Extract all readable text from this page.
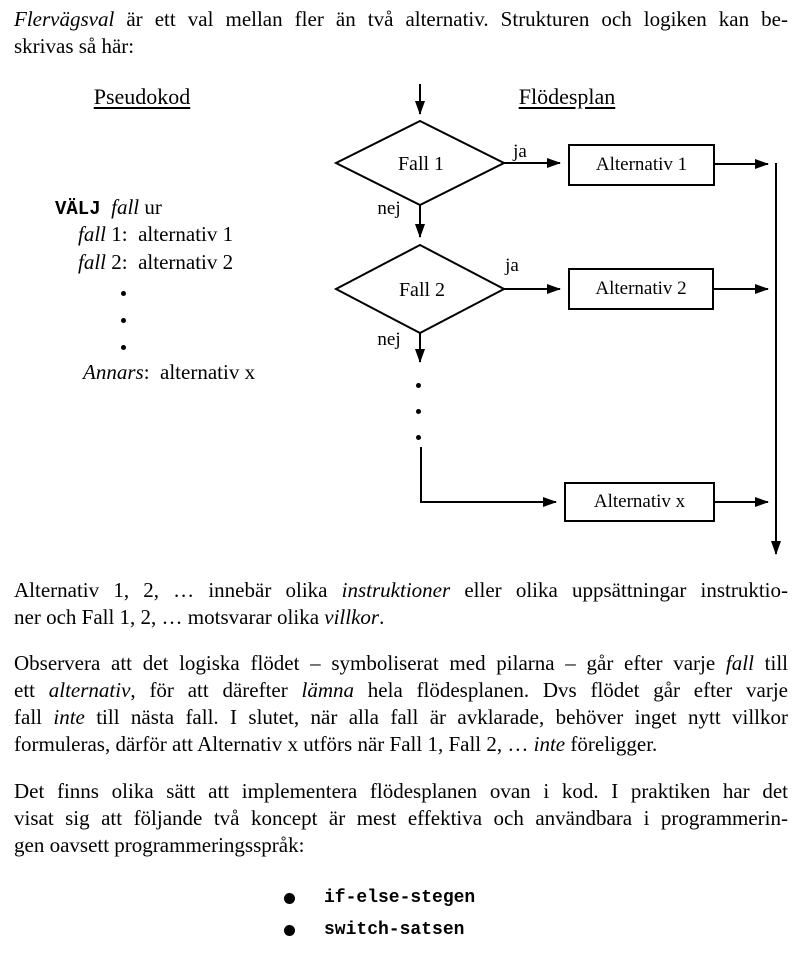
Flervägsval är ett val mellan fler än två alternativ. Strukturen och logiken kan be-
skrivas så här:
Pseudokod	Flödesplan
VÄLJ fall ur
fall 1:  alternativ 1
fall 2:  alternativ 2
Annars:  alternativ x
Fall 1
Fall 2
ja
ja
nej
nej
Alternativ 1
Alternativ 2
Alternativ x
Alternativ 1, 2, … innebär olika instruktioner eller olika uppsättningar instruktio-
ner och Fall 1, 2, … motsvarar olika villkor.
Observera att det logiska flödet – symboliserat med pilarna – går efter varje fall till
ett alternativ, för att därefter lämna hela flödesplanen. Dvs flödet går efter varje
fall inte till nästa fall. I slutet, när alla fall är avklarade, behöver inget nytt villkor
formuleras, därför att Alternativ x utförs när Fall 1, Fall 2, … inte föreligger.
Det finns olika sätt att implementera flödesplanen ovan i kod. I praktiken har det
visat sig att följande två koncept är mest effektiva och användbara i programmerin-
gen oavsett programmeringsspråk:
if-else-stegen
switch-satsen
